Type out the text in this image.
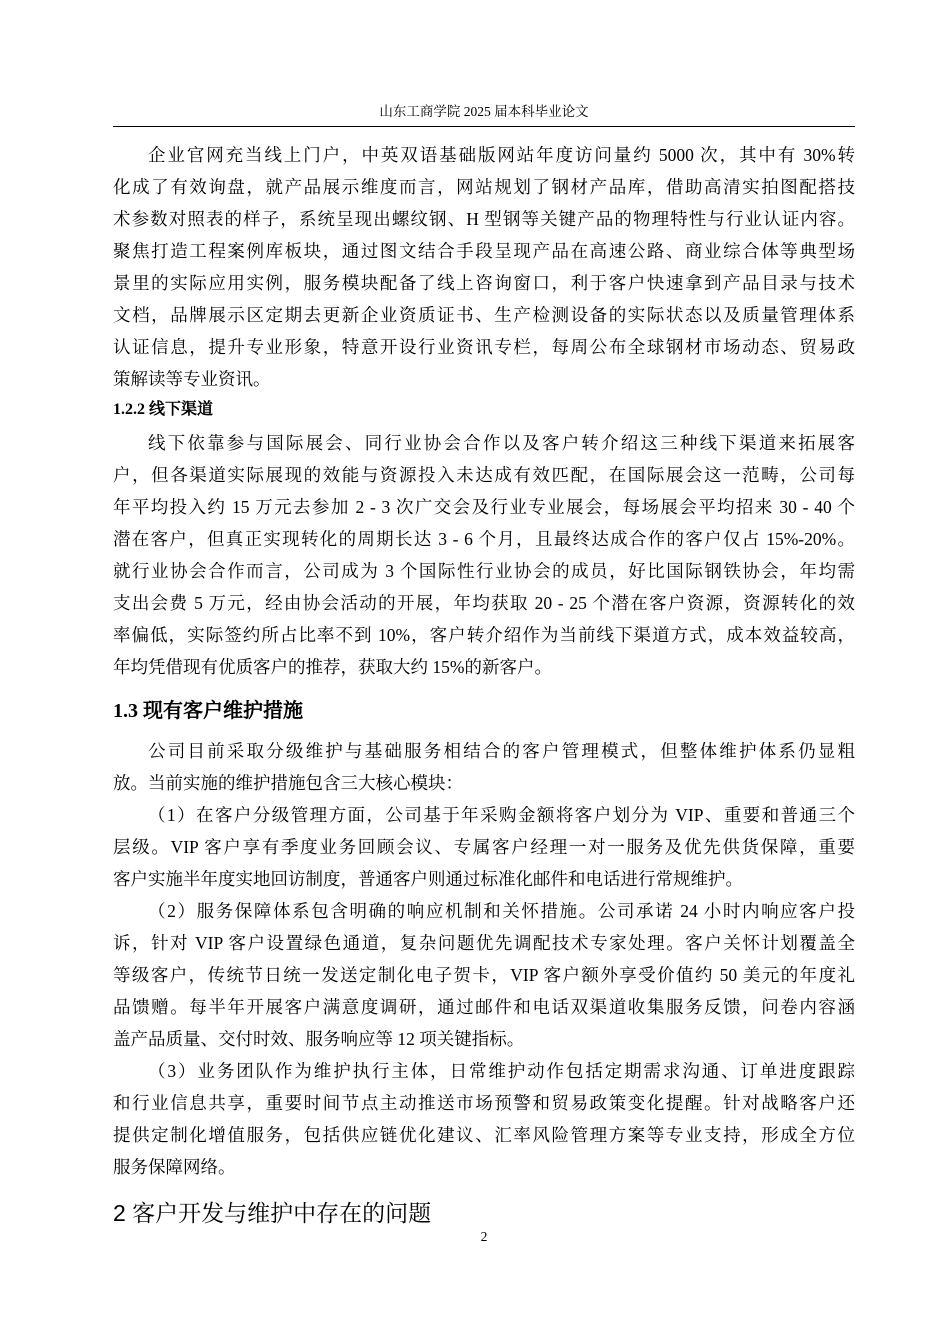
山东工商学院 2025 届本科毕业论文
企业官网充当线上门户，中英双语基础版网站年度访问量约 5000 次，其中有 30%转
化成了有效询盘，就产品展示维度而言，网站规划了钢材产品库，借助高清实拍图配搭技
术参数对照表的样子，系统呈现出螺纹钢、H 型钢等关键产品的物理特性与行业认证内容。
聚焦打造工程案例库板块，通过图文结合手段呈现产品在高速公路、商业综合体等典型场
景里的实际应用实例，服务模块配备了线上咨询窗口，利于客户快速拿到产品目录与技术
文档，品牌展示区定期去更新企业资质证书、生产检测设备的实际状态以及质量管理体系
认证信息，提升专业形象，特意开设行业资讯专栏，每周公布全球钢材市场动态、贸易政
策解读等专业资讯。
1.2.2 线下渠道
线下依靠参与国际展会、同行业协会合作以及客户转介绍这三种线下渠道来拓展客
户，但各渠道实际展现的效能与资源投入未达成有效匹配，在国际展会这一范畴，公司每
年平均投入约 15 万元去参加 2 - 3 次广交会及行业专业展会，每场展会平均招来 30 - 40 个
潜在客户，但真正实现转化的周期长达 3 - 6 个月，且最终达成合作的客户仅占 15%-20%。
就行业协会合作而言，公司成为 3 个国际性行业协会的成员，好比国际钢铁协会，年均需
支出会费 5 万元，经由协会活动的开展，年均获取 20 - 25 个潜在客户资源，资源转化的效
率偏低，实际签约所占比率不到 10%，客户转介绍作为当前线下渠道方式，成本效益较高，
年均凭借现有优质客户的推荐，获取大约 15%的新客户。
1.3 现有客户维护措施
公司目前采取分级维护与基础服务相结合的客户管理模式，但整体维护体系仍显粗
放。当前实施的维护措施包含三大核心模块：
（1）在客户分级管理方面，公司基于年采购金额将客户划分为 VIP、重要和普通三个
层级。VIP 客户享有季度业务回顾会议、专属客户经理一对一服务及优先供货保障，重要
客户实施半年度实地回访制度，普通客户则通过标准化邮件和电话进行常规维护。
（2）服务保障体系包含明确的响应机制和关怀措施。公司承诺 24 小时内响应客户投
诉，针对 VIP 客户设置绿色通道，复杂问题优先调配技术专家处理。客户关怀计划覆盖全
等级客户，传统节日统一发送定制化电子贺卡，VIP 客户额外享受价值约 50 美元的年度礼
品馈赠。每半年开展客户满意度调研，通过邮件和电话双渠道收集服务反馈，问卷内容涵
盖产品质量、交付时效、服务响应等 12 项关键指标。
（3）业务团队作为维护执行主体，日常维护动作包括定期需求沟通、订单进度跟踪
和行业信息共享，重要时间节点主动推送市场预警和贸易政策变化提醒。针对战略客户还
提供定制化增值服务，包括供应链优化建议、汇率风险管理方案等专业支持，形成全方位
服务保障网络。
2 客户开发与维护中存在的问题
2
